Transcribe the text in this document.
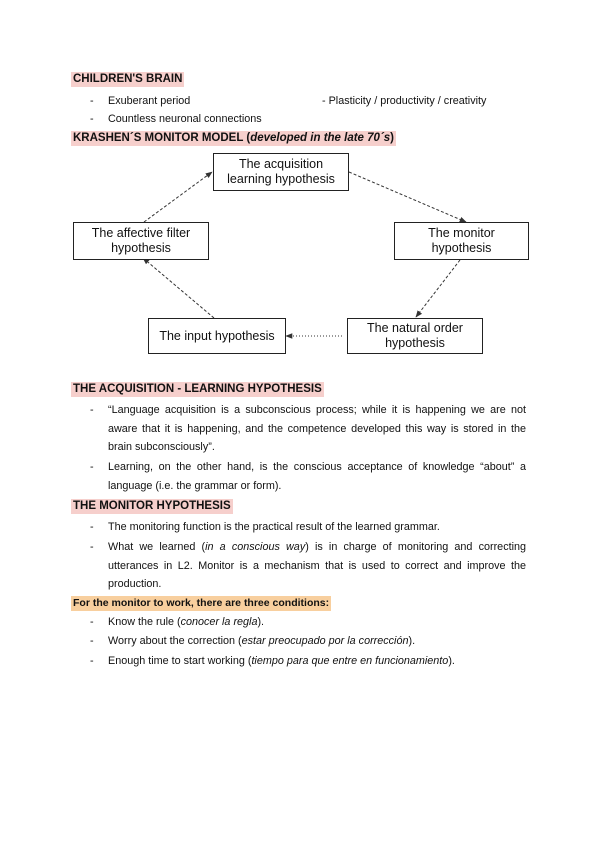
CHILDREN'S BRAIN
- Exuberant period	- Plasticity / productivity / creativity
- Countless neuronal connections
KRASHEN´S MONITOR MODEL (developed in the late 70´s)
The acquisition
learning hypothesis
The affective filter
hypothesis
The monitor
hypothesis
The input hypothesis
The natural order
hypothesis
THE ACQUISITION - LEARNING HYPOTHESIS
- “Language acquisition is a subconscious process; while it is happening we are not aware that it is happening, and the competence developed this way is stored in the brain subconsciously”.
- Learning, on the other hand, is the conscious acceptance of knowledge “about” a language (i.e. the grammar or form).
THE MONITOR HYPOTHESIS
- The monitoring function is the practical result of the learned grammar.
- What we learned (in a conscious way) is in charge of monitoring and correcting utterances in L2. Monitor is a mechanism that is used to correct and improve the production.
For the monitor to work, there are three conditions:
- Know the rule (conocer la regla).
- Worry about the correction (estar preocupado por la corrección).
- Enough time to start working (tiempo para que entre en funcionamiento).
